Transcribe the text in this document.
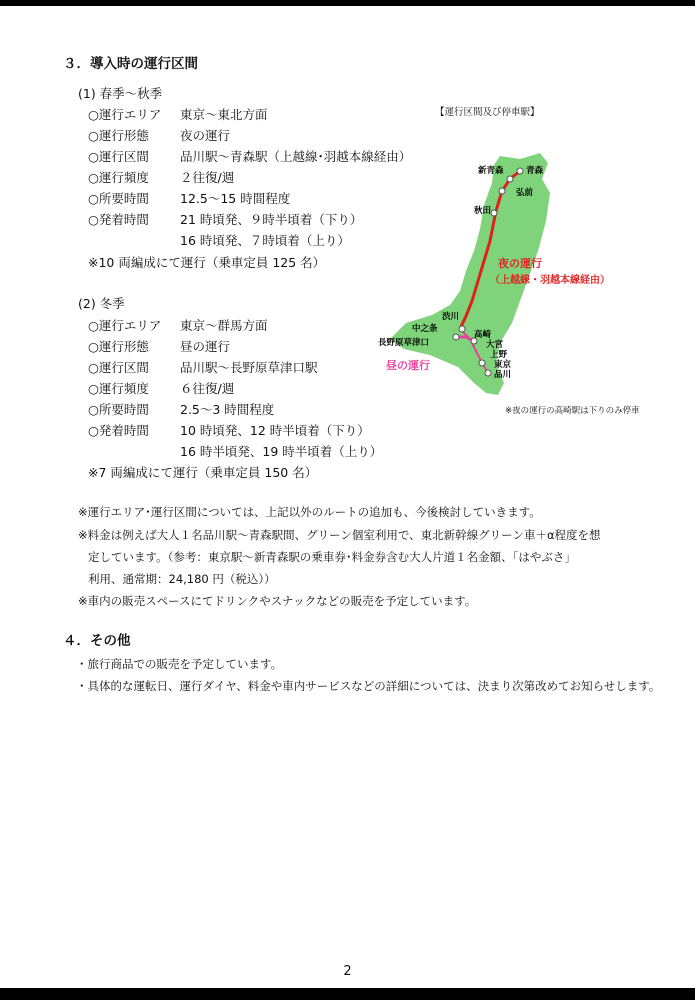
３．導入時の運行区間
(1) 春季～秋季
○運行エリア 東京～東北方面
○運行形態 夜の運行
○運行区間 品川駅～青森駅（上越線･羽越本線経由）
○運行頻度 ２往復/週
○所要時間 12.5～15 時間程度
○発着時間 21 時頃発、９時半頃着（下り）
16 時頃発、７時頃着（上り）
※10 両編成にて運行（乗車定員 125 名）
(2) 冬季
○運行エリア 東京～群馬方面
○運行形態 昼の運行
○運行区間 品川駅～長野原草津口駅
○運行頻度 ６往復/週
○所要時間 2.5～3 時間程度
○発着時間 10 時頃発、12 時半頃着（下り）
16 時半頃発、19 時半頃着（上り）
※7 両編成にて運行（乗車定員 150 名）
※運行エリア･運行区間については、上記以外のルートの追加も、今後検討していきます。
※料金は例えば大人１名品川駅～青森駅間、グリーン個室利用で、東北新幹線グリーン車＋α程度を想
定しています。（参考：東京駅～新青森駅の乗車券･料金券含む大人片道１名金額、「はやぶさ」
利用、通常期：24,180 円（税込））
※車内の販売スペースにてドリンクやスナックなどの販売を予定しています。
４．その他
・旅行商品での販売を予定しています。
・具体的な運転日、運行ダイヤ、料金や車内サービスなどの詳細については、決まり次第改めてお知らせします。
【運行区間及び停車駅】
新青森	青森
弘前
秋田
渋川
中之条
長野原草津口
高崎
大宮
上野
東京
品川
夜の運行
（上越線・羽越本線経由）
昼の運行
※夜の運行の高崎駅は下りのみ停車
2
